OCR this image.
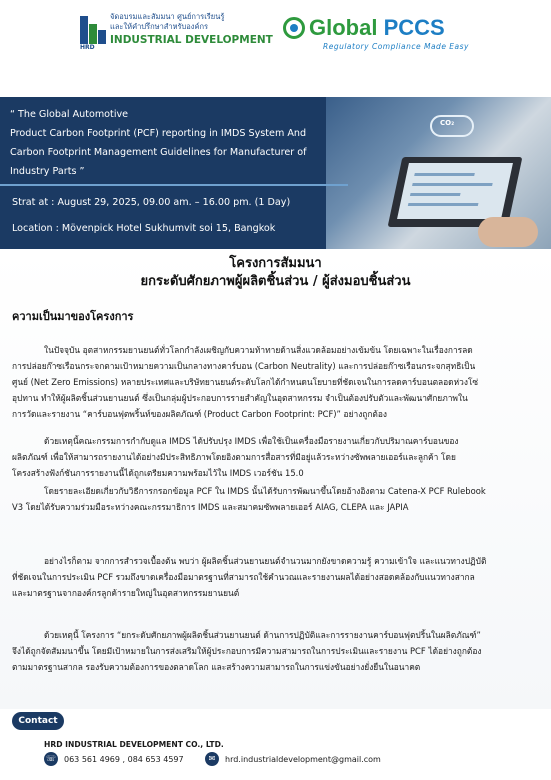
จัดอบรมและสัมมนา ศูนย์การเรียนรู้
และให้คำปรึกษาสำหรับองค์กร
HRD
INDUSTRIAL DEVELOPMENT Global PCCS
Regulatory Compliance Made Easy
CO₂
“ The Global Automotive
Product Carbon Footprint (PCF) reporting in IMDS System And
Carbon Footprint Management Guidelines for Manufacturer of
Industry Parts ”
Strat at : August 29, 2025, 09.00 am. – 16.00 pm. (1 Day)
Location : Mövenpick Hotel Sukhumvit soi 15, Bangkok
โครงการสัมมนา
ยกระดับศักยภาพผู้ผลิตชิ้นส่วน / ผู้ส่งมอบชิ้นส่วน
ความเป็นมาของโครงการ
ในปัจจุบัน อุตสาหกรรมยานยนต์ทั่วโลกกำลังเผชิญกับความท้าทายด้านสิ่งแวดล้อมอย่างเข้มข้น โดยเฉพาะในเรื่องการลด
การปล่อยก๊าซเรือนกระจกตามเป้าหมายความเป็นกลางทางคาร์บอน (Carbon Neutrality) และการปล่อยก๊าซเรือนกระจกสุทธิเป็น
ศูนย์ (Net Zero Emissions) หลายประเทศและบริษัทยานยนต์ระดับโลกได้กำหนดนโยบายที่ชัดเจนในการลดคาร์บอนตลอดห่วงโซ่
อุปทาน ทำให้ผู้ผลิตชิ้นส่วนยานยนต์ ซึ่งเป็นกลุ่มผู้ประกอบการรายสำคัญในอุตสาหกรรม จำเป็นต้องปรับตัวและพัฒนาศักยภาพใน
การวัดและรายงาน “คาร์บอนฟุตพริ้นท์ของผลิตภัณฑ์ (Product Carbon Footprint: PCF)” อย่างถูกต้อง
ด้วยเหตุนี้คณะกรรมการกำกับดูแล IMDS ได้ปรับปรุง IMDS เพื่อใช้เป็นเครื่องมือรายงานเกี่ยวกับปริมาณคาร์บอนของ
ผลิตภัณฑ์ เพื่อให้สามารถรายงานได้อย่างมีประสิทธิภาพโดยอิงตามการสื่อสารที่มีอยู่แล้วระหว่างซัพพลายเออร์และลูกค้า โดย
โครงสร้างฟังก์ชันการรายงานนี้ได้ถูกเตรียมความพร้อมไว้ใน IMDS เวอร์ชัน 15.0
โดยรายละเอียดเกี่ยวกับวิธีการกรอกข้อมูล PCF ใน IMDS นั้นได้รับการพัฒนาขึ้นโดยอ้างอิงตาม Catena-X PCF Rulebook
V3 โดยได้รับความร่วมมือระหว่างคณะกรรมาธิการ IMDS และสมาคมซัพพลายเออร์ AIAG, CLEPA และ JAPIA
อย่างไรก็ตาม จากการสำรวจเบื้องต้น พบว่า ผู้ผลิตชิ้นส่วนยานยนต์จำนวนมากยังขาดความรู้ ความเข้าใจ และแนวทางปฏิบัติ
ที่ชัดเจนในการประเมิน PCF รวมถึงขาดเครื่องมือมาตรฐานที่สามารถใช้คำนวณและรายงานผลได้อย่างสอดคล้องกับแนวทางสากล
และมาตรฐานจากองค์กรลูกค้ารายใหญ่ในอุตสาหกรรมยานยนต์
ด้วยเหตุนี้ โครงการ “ยกระดับศักยภาพผู้ผลิตชิ้นส่วนยานยนต์ ด้านการปฏิบัติและการรายงานคาร์บอนฟุตปริ้นในผลิตภัณฑ์”
จึงได้ถูกจัดสัมมนาขึ้น โดยมีเป้าหมายในการส่งเสริมให้ผู้ประกอบการมีความสามารถในการประเมินและรายงาน PCF ได้อย่างถูกต้อง
ตามมาตรฐานสากล รองรับความต้องการของตลาดโลก และสร้างความสามารถในการแข่งขันอย่างยั่งยืนในอนาคต
Contact
HRD INDUSTRIAL DEVELOPMENT CO., LTD.
☏ 063 561 4969 , 084 653 4597	✉	hrd.industrialdevelopment@gmail.com
